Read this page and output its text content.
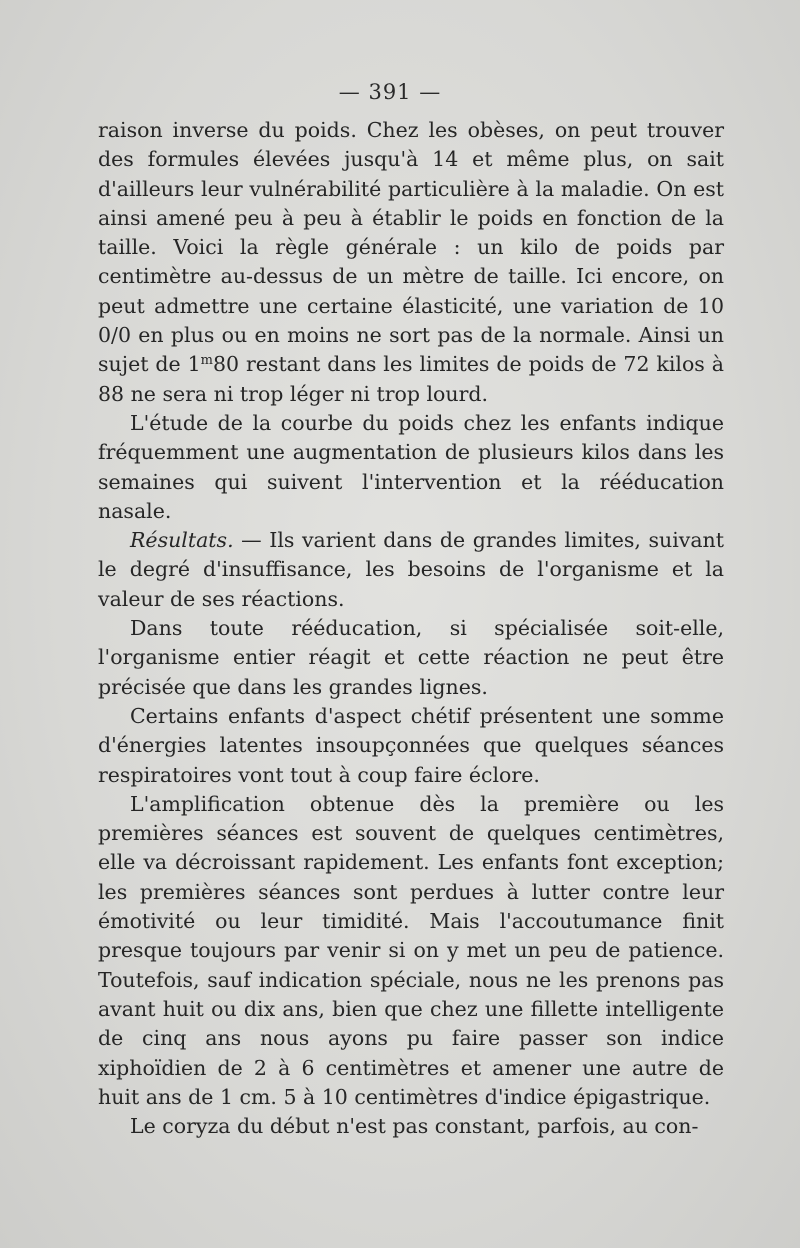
— 391 —

raison inverse du poids. Chez les obèses, on peut trouver des formules élevées jusqu'à 14 et même plus, on sait d'ailleurs leur vulnérabilité particulière à la maladie. On est ainsi amené peu à peu à établir le poids en fonction de la taille. Voici la règle générale : un kilo de poids par centimètre au-dessus de un mètre de taille. Ici encore, on peut admettre une certaine élasticité, une variation de 10 0/0 en plus ou en moins ne sort pas de la normale. Ainsi un sujet de 1$^m$80 restant dans les limites de poids de 72 kilos à 88 ne sera ni trop léger ni trop lourd.

L'étude de la courbe du poids chez les enfants indique fréquemment une augmentation de plusieurs kilos dans les semaines qui suivent l'intervention et la rééducation nasale.

Résultats. — Ils varient dans de grandes limites, suivant le degré d'insuffisance, les besoins de l'organisme et la valeur de ses réactions.

Dans toute rééducation, si spécialisée soit-elle, l'organisme entier réagit et cette réaction ne peut être précisée que dans les grandes lignes.

Certains enfants d'aspect chétif présentent une somme d'énergies latentes insoupçonnées que quelques séances respiratoires vont tout à coup faire éclore.

L'amplification obtenue dès la première ou les premières séances est souvent de quelques centimètres, elle va décroissant rapidement. Les enfants font exception; les premières séances sont perdues à lutter contre leur émotivité ou leur timidité. Mais l'accoutumance finit presque toujours par venir si on y met un peu de patience. Toutefois, sauf indication spéciale, nous ne les prenons pas avant huit ou dix ans, bien que chez une fillette intelligente de cinq ans nous ayons pu faire passer son indice xiphoïdien de 2 à 6 centimètres et amener une autre de huit ans de 1 cm. 5 à 10 centimètres d'indice épigastrique.

Le coryza du début n'est pas constant, parfois, au con-
